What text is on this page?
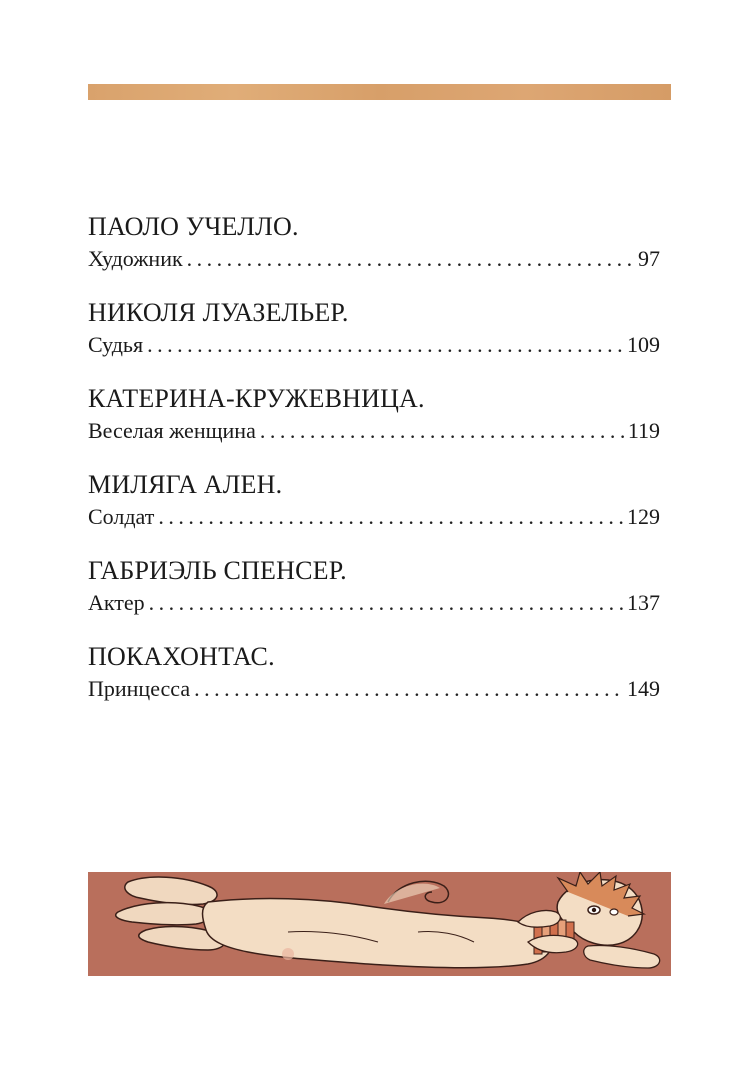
ПАОЛО УЧЕЛЛО.
Художник . . .	97
НИКОЛЯ ЛУАЗЕЛЬЕР.
Судья . . .	109
КАТЕРИНА-КРУЖЕВНИЦА.
Веселая женщина . . .	119
МИЛЯГА АЛЕН.
Солдат . . .	129
ГАБРИЭЛЬ СПЕНСЕР.
Актер . . .	137
ПОКАХОНТАС.
Принцесса . . .	149
